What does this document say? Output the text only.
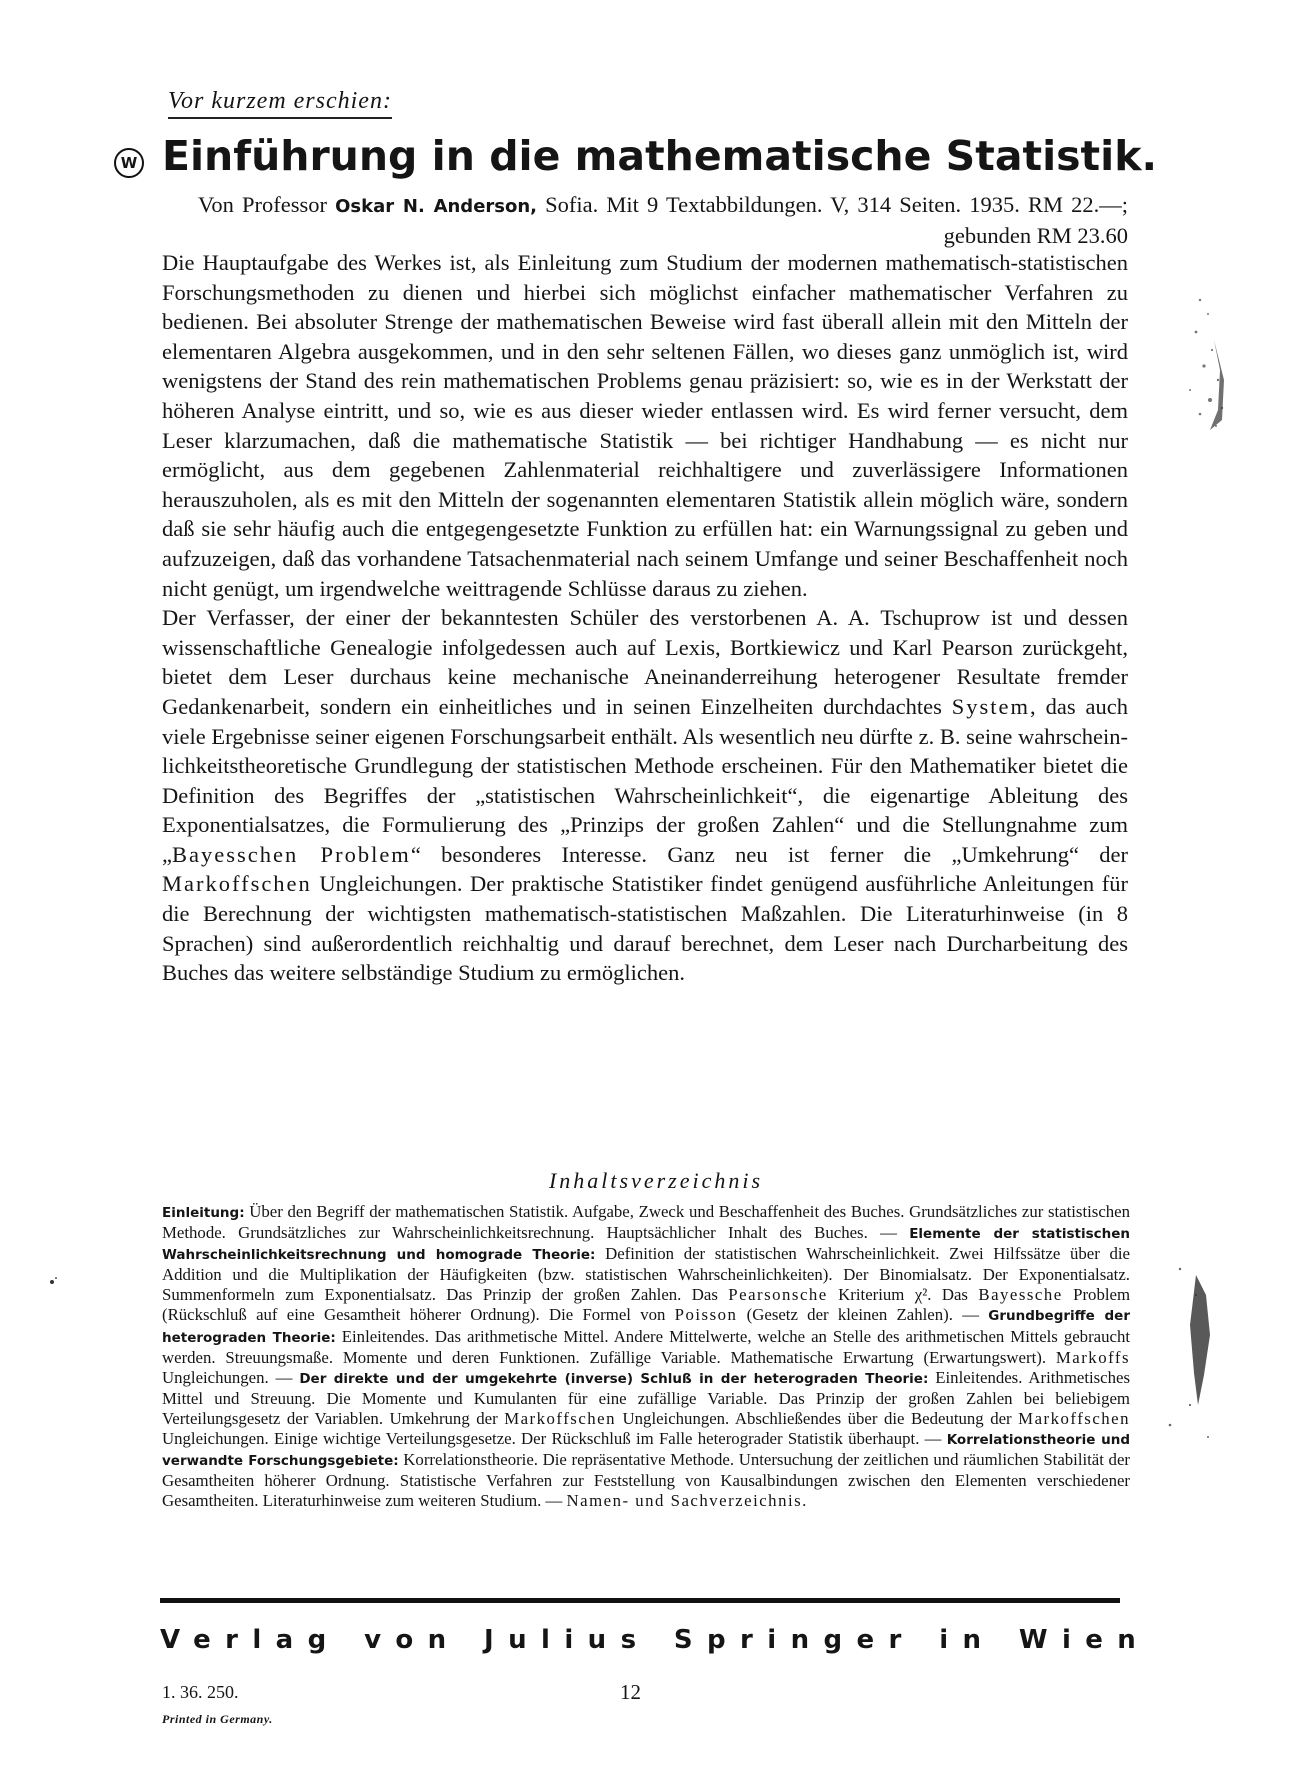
Vor kurzem erschien:
W Einführung in die mathematische Statistik.
Von Professor Oskar N. Anderson, Sofia. Mit 9 Textabbildungen. V, 314 Seiten. 1935. RM 22.—; gebunden RM 23.60

Die Hauptaufgabe des Werkes ist, als Einleitung zum Studium der modernen mathematisch-statistischen Forschungsmethoden zu dienen und hierbei sich möglichst einfacher mathematischer Verfahren zu bedienen. Bei absoluter Strenge der mathematischen Beweise wird fast überall allein mit den Mitteln der elementaren Algebra ausgekommen, und in den sehr seltenen Fällen, wo dieses ganz unmöglich ist, wird wenigstens der Stand des rein mathematischen Problems genau präzisiert: so, wie es in der Werkstatt der höheren Analyse eintritt, und so, wie es aus dieser wieder entlassen wird. Es wird ferner versucht, dem Leser klarzumachen, daß die mathematische Statistik — bei richtiger Handhabung — es nicht nur ermöglicht, aus dem gegebenen Zahlenmaterial reichhaltigere und zuverlässigere Informationen herauszuholen, als es mit den Mitteln der sogenannten elementaren Statistik allein möglich wäre, sondern daß sie sehr häufig auch die entgegengesetzte Funktion zu erfüllen hat: ein Warnungssignal zu geben und aufzuzeigen, daß das vorhandene Tatsachenmaterial nach seinem Umfange und seiner Beschaffenheit noch nicht genügt, um irgendwelche weittragende Schlüsse daraus zu ziehen.

Der Verfasser, der einer der bekanntesten Schüler des verstorbenen A. A. Tschuprow ist und dessen wissenschaftliche Genealogie infolgedessen auch auf Lexis, Bortkiewicz und Karl Pearson zurückgeht, bietet dem Leser durchaus keine mechanische Aneinanderreihung heterogener Resultate fremder Gedankenarbeit, sondern ein einheitliches und in seinen Einzelheiten durchdachtes System, das auch viele Ergebnisse seiner eigenen Forschungsarbeit enthält. Als wesentlich neu dürfte z. B. seine wahrscheinlichkeitstheoretische Grundlegung der statistischen Methode erscheinen. Für den Mathematiker bietet die Definition des Begriffes der „statistischen Wahrscheinlichkeit“, die eigenartige Ableitung des Exponentialsatzes, die Formulierung des „Prinzips der großen Zahlen“ und die Stellungnahme zum „Bayesschen Problem“ besonderes Interesse. Ganz neu ist ferner die „Umkehrung“ der Markoffschen Ungleichungen. Der praktische Statistiker findet genügend ausführliche Anleitungen für die Berechnung der wichtigsten mathematisch-statistischen Maßzahlen. Die Literaturhinweise (in 8 Sprachen) sind außerordentlich reichhaltig und darauf berechnet, dem Leser nach Durcharbeitung des Buches das weitere selbständige Studium zu ermöglichen.

Inhaltsverzeichnis
Einleitung: Über den Begriff der mathematischen Statistik. Aufgabe, Zweck und Beschaffenheit des Buches. Grundsätzliches zur statistischen Methode. Grundsätzliches zur Wahrscheinlichkeitsrechnung. Hauptsächlicher Inhalt des Buches. — Elemente der statistischen Wahrscheinlichkeitsrechnung und homograde Theorie: Definition der statistischen Wahrscheinlichkeit. Zwei Hilfssätze über die Addition und die Multiplikation der Häufigkeiten (bzw. statistischen Wahrscheinlichkeiten). Der Binomialsatz. Der Exponentialsatz. Summenformeln zum Exponentialsatz. Das Prinzip der großen Zahlen. Das Pearsonsche Kriterium χ². Das Bayessche Problem (Rückschluß auf eine Gesamtheit höherer Ordnung). Die Formel von Poisson (Gesetz der kleinen Zahlen). — Grundbegriffe der heterograden Theorie: Einleitendes. Das arithmetische Mittel. Andere Mittelwerte, welche an Stelle des arithmetischen Mittels gebraucht werden. Streuungsmaße. Momente und deren Funktionen. Zufällige Variable. Mathematische Erwartung (Erwartungswert). Markoffs Ungleichungen. — Der direkte und der umgekehrte (inverse) Schluß in der heterograden Theorie: Einleitendes. Arithmetisches Mittel und Streuung. Die Momente und Kumulanten für eine zufällige Variable. Das Prinzip der großen Zahlen bei beliebigem Verteilungsgesetz der Variablen. Umkehrung der Markoffschen Ungleichungen. Abschließendes über die Bedeutung der Markoffschen Ungleichungen. Einige wichtige Verteilungsgesetze. Der Rückschluß im Falle heterograder Statistik überhaupt. — Korrelationstheorie und verwandte Forschungsgebiete: Korrelationstheorie. Die repräsentative Methode. Untersuchung der zeitlichen und räumlichen Stabilität der Gesamtheiten höherer Ordnung. Statistische Verfahren zur Feststellung von Kausalbindungen zwischen den Elementen verschiedener Gesamtheiten. Literaturhinweise zum weiteren Studium. — Namen- und Sachverzeichnis.
Verlag von Julius Springer in Wien
1. 36. 250.	12
Printed in Germany.
